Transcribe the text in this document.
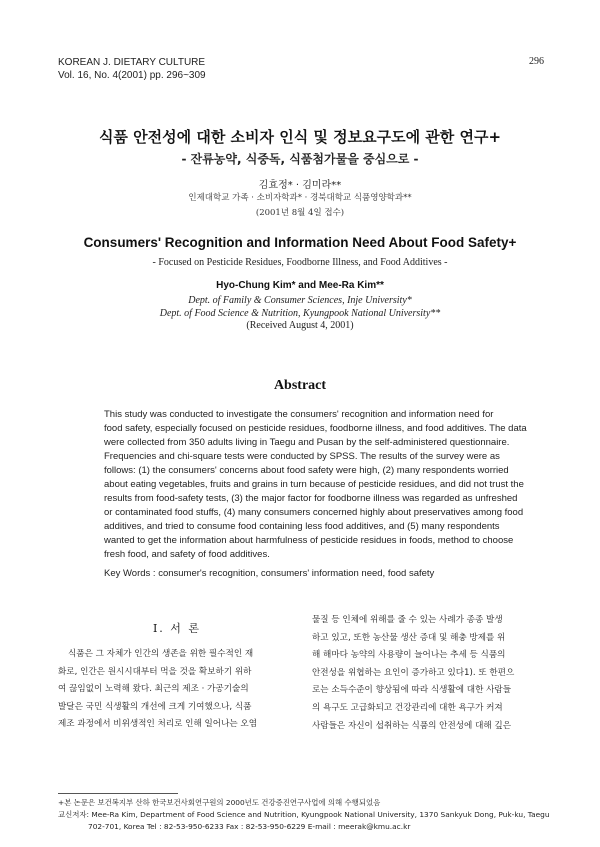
KOREAN J. DIETARY CULTURE
Vol. 16, No. 4(2001) pp. 296~309
296
식품 안전성에 대한 소비자 인식 및 정보요구도에 관한 연구+
- 잔류농약, 식중독, 식품첨가물을 중심으로 -
김효정* · 김미라**
인제대학교 가족 · 소비자학과* · 경북대학교 식품영양학과**
(2001년 8월 4일 접수)
Consumers' Recognition and Information Need About Food Safety+
- Focused on Pesticide Residues, Foodborne Illness, and Food Additives -
Hyo-Chung Kim* and Mee-Ra Kim**
Dept. of Family & Consumer Sciences, Inje University*
Dept. of Food Science & Nutrition, Kyungpook National University**
(Received August 4, 2001)
Abstract
This study was conducted to investigate the consumers' recognition and information need for
food safety, especially focused on pesticide residues, foodborne illness, and food additives. The data
were collected from 350 adults living in Taegu and Pusan by the self-administered questionnaire.
Frequencies and chi-square tests were conducted by SPSS. The results of the survey were as
follows: (1) the consumers' concerns about food safety were high, (2) many respondents worried
about eating vegetables, fruits and grains in turn because of pesticide residues, and did not trust the
results from food-safety tests, (3) the major factor for foodborne illness was regarded as unfreshed
or contaminated food stuffs, (4) many consumers concerned highly about preservatives among food
additives, and tried to consume food containing less food additives, and (5) many respondents
wanted to get the information about harmfulness of pesticide residues in foods, method to choose
fresh food, and safety of food additives.
Key Words : consumer's recognition, consumers' information need, food safety
I. 서 론
식품은 그 자체가 인간의 생존을 위한 필수적인 재
화로, 인간은 원시시대부터 먹을 것을 확보하기 위하
여 끊임없이 노력해 왔다. 최근의 제조 · 가공기술의
발달은 국민 식생활의 개선에 크게 기여했으나, 식품
제조 과정에서 비위생적인 처리로 인해 일어나는 오염
물질 등 인체에 위해를 줄 수 있는 사례가 종종 발생
하고 있고, 또한 농산물 생산 증대 및 해충 방제를 위
해 해마다 농약의 사용량이 늘어나는 추세 등 식품의
안전성을 위협하는 요인이 증가하고 있다1). 또 한편으
로는 소득수준이 향상됨에 따라 식생활에 대한 사람들
의 욕구도 고급화되고 건강관리에 대한 욕구가 커져
사람들은 자신이 섭취하는 식품의 안전성에 대해 깊은
+본 논문은 보건복지부 산하 한국보건사회연구원의 2000년도 건강증진연구사업에 의해 수행되었음
교신저자: Mee-Ra Kim, Department of Food Science and Nutrition, Kyungpook National University, 1370 Sankyuk Dong, Puk-ku, Taegu
702-701, Korea Tel : 82-53-950-6233 Fax : 82-53-950-6229 E-mail : meerak@kmu.ac.kr
